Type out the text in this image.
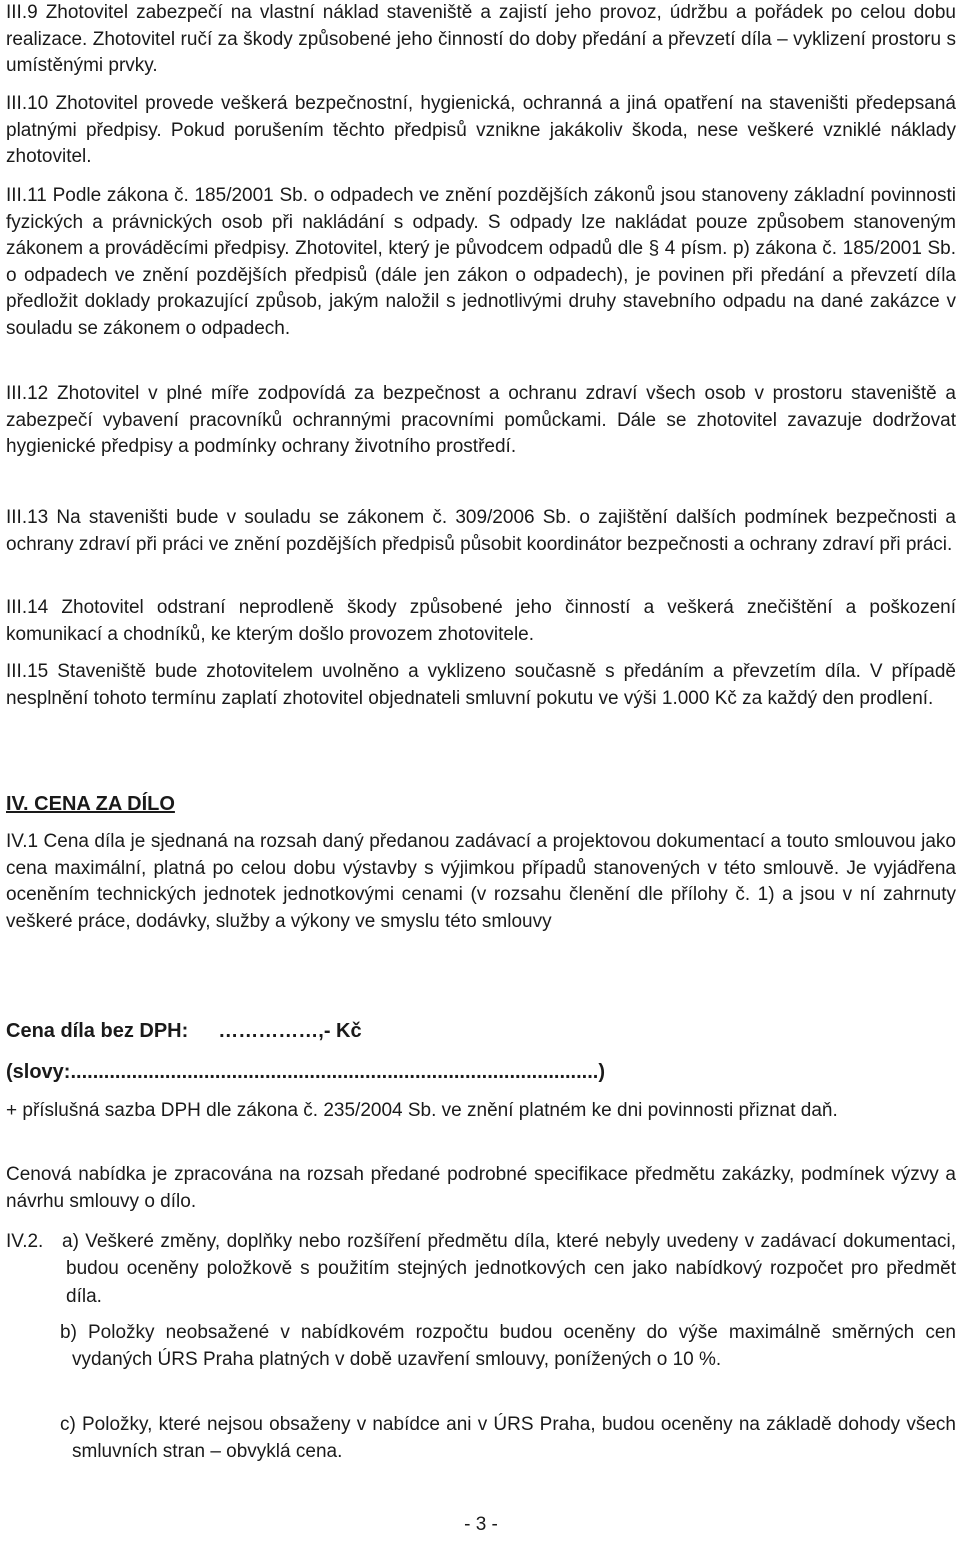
III.9 Zhotovitel zabezpečí na vlastní náklad staveniště a zajistí jeho provoz, údržbu a pořádek po celou dobu realizace. Zhotovitel ručí za škody způsobené jeho činností do doby předání a převzetí díla – vyklizení prostoru s umístěnými prvky.

III.10 Zhotovitel provede veškerá bezpečnostní, hygienická, ochranná a jiná opatření na staveništi předepsaná platnými předpisy. Pokud porušením těchto předpisů vznikne jakákoliv škoda, nese veškeré vzniklé náklady zhotovitel.

III.11 Podle zákona č. 185/2001 Sb. o odpadech ve znění pozdějších zákonů jsou stanoveny základní povinnosti fyzických a právnických osob při nakládání s odpady. S odpady lze nakládat pouze způsobem stanoveným zákonem a prováděcími předpisy. Zhotovitel, který je původcem odpadů dle § 4 písm. p) zákona č. 185/2001 Sb. o odpadech ve znění pozdějších předpisů (dále jen zákon o odpadech), je povinen při předání a převzetí díla předložit doklady prokazující způsob, jakým naložil s jednotlivými druhy stavebního odpadu na dané zakázce v souladu se zákonem o odpadech.

III.12 Zhotovitel v plné míře zodpovídá za bezpečnost a ochranu zdraví všech osob v prostoru staveniště a zabezpečí vybavení pracovníků ochrannými pracovními pomůckami. Dále se zhotovitel zavazuje dodržovat hygienické předpisy a podmínky ochrany životního prostředí.

III.13 Na staveništi bude v souladu se zákonem č. 309/2006 Sb. o zajištění dalších podmínek bezpečnosti a ochrany zdraví při práci ve znění pozdějších předpisů působit koordinátor bezpečnosti a ochrany zdraví při práci.

III.14 Zhotovitel odstraní neprodleně škody způsobené jeho činností a veškerá znečištění a poškození komunikací a chodníků, ke kterým došlo provozem zhotovitele.

III.15 Staveniště bude zhotovitelem uvolněno a vyklizeno současně s předáním a převzetím díla. V případě nesplnění tohoto termínu zaplatí zhotovitel objednateli smluvní pokutu ve výši 1.000 Kč za každý den prodlení.

IV. CENA ZA DÍLO

IV.1 Cena díla je sjednaná na rozsah daný předanou zadávací a projektovou dokumentací a touto smlouvou jako cena maximální, platná po celou dobu výstavby s výjimkou případů stanovených v této smlouvě. Je vyjádřena oceněním technických jednotek jednotkovými cenami (v rozsahu členění dle přílohy č. 1) a jsou v ní zahrnuty veškeré práce, dodávky, služby a výkony ve smyslu této smlouvy

Cena díla bez DPH: ……………,- Kč
(slovy:...............................................................................................)

+ příslušná sazba DPH dle zákona č. 235/2004 Sb. ve znění platném ke dni povinnosti přiznat daň.

Cenová nabídka je zpracována na rozsah předané podrobné specifikace předmětu zakázky, podmínek výzvy a návrhu smlouvy o dílo.

IV.2. a) Veškeré změny, doplňky nebo rozšíření předmětu díla, které nebyly uvedeny v zadávací dokumentaci, budou oceněny položkově s použitím stejných jednotkových cen jako nabídkový rozpočet pro předmět díla.

b) Položky neobsažené v nabídkovém rozpočtu budou oceněny do výše maximálně směrných cen vydaných ÚRS Praha platných v době uzavření smlouvy, ponížených o 10 %.

c) Položky, které nejsou obsaženy v nabídce ani v ÚRS Praha, budou oceněny na základě dohody všech smluvních stran – obvyklá cena.

- 3 -
